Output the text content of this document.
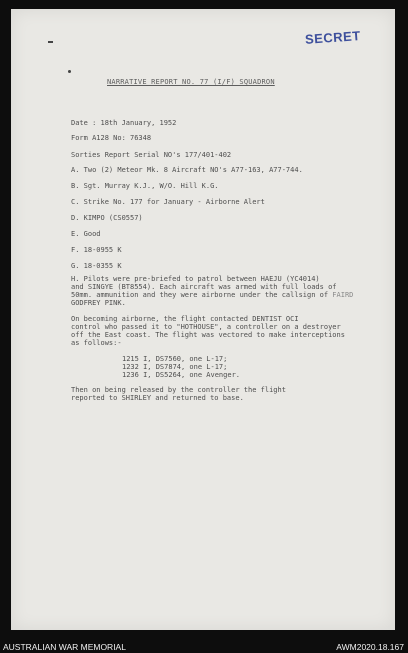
SECRET
NARRATIVE REPORT NO. 77 (I/F) SQUADRON
Date : 18th January, 1952
Form A128 No: 76348
Sorties Report Serial NO's 177/401-402
A. Two (2) Meteor Mk. 8 Aircraft NO's A77-163, A77-744.
B. Sgt. Murray K.J., W/O. Hill K.G.
C. Strike No. 177 for January - Airborne Alert
D. KIMPO (CS0557)
E. Good
F. 18-0955 K
G. 18-0355 K
H. Pilots were pre-briefed to patrol between HAEJU (YC4014)
and SINGYE (BT8554). Each aircraft was armed with full loads of
50mm. ammunition and they were airborne under the callsign of FAIRD
GODFREY PINK.
On becoming airborne, the flight contacted DENTIST OCI
control who passed it to "HOTHOUSE", a controller on a destroyer
off the East coast. The flight was vectored to make interceptions
as follows:-
1215 I, DS7560, one L-17;
1232 I, DS7874, one L-17;
1236 I, DS5264, one Avenger.
Then on being released by the controller the flight
reported to SHIRLEY and returned to base.
AUSTRALIAN WAR MEMORIAL	AWM2020.18.167
